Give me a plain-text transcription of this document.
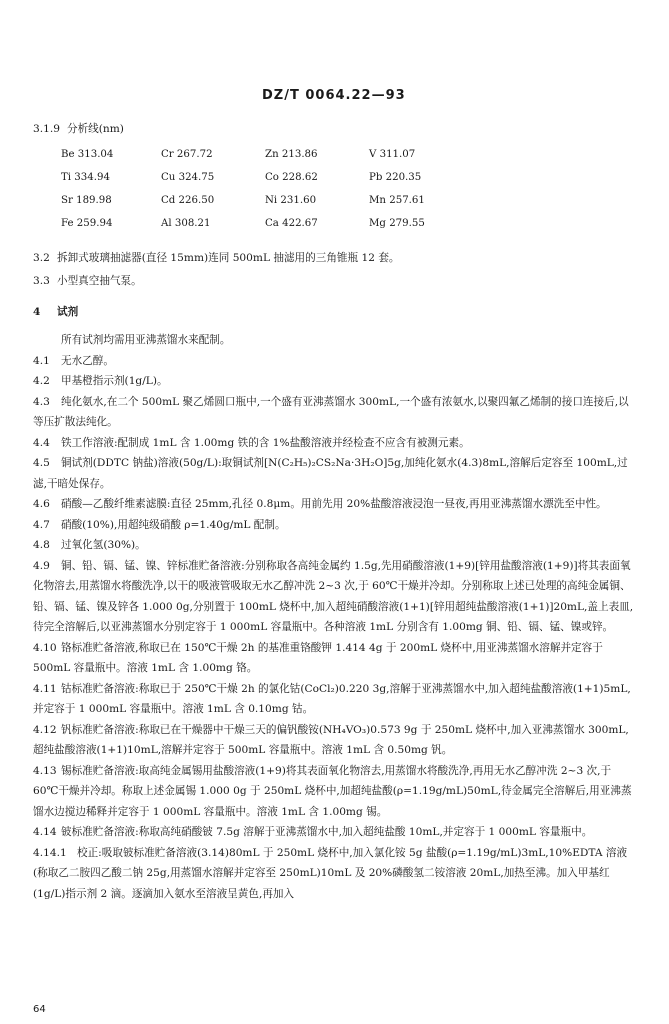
DZ/T 0064.22—93

3.1.9 分析线(nm)

Be 313.04	Cr 267.72	Zn 213.86	V 311.07
Ti 334.94	Cu 324.75	Co 228.62	Pb 220.35
Sr 189.98	Cd 226.50	Ni 231.60	Mn 257.61
Fe 259.94	Al 308.21	Ca 422.67	Mg 279.55

3.2 拆卸式玻璃抽滤器(直径 15mm)连同 500mL 抽滤用的三角锥瓶 12 套。

3.3 小型真空抽气泵。

4 试剂

所有试剂均需用亚沸蒸馏水来配制。

4.1 无水乙醇。

4.2 甲基橙指示剂(1g/L)。

4.3 纯化氨水,在二个 500mL 聚乙烯圆口瓶中,一个盛有亚沸蒸馏水 300mL,一个盛有浓氨水,以聚四氟乙烯制的接口连接后,以等压扩散法纯化。

4.4 铁工作溶液:配制成 1mL 含 1.00mg 铁的含 1%盐酸溶液并经检查不应含有被测元素。

4.5 铜试剂(DDTC 钠盐)溶液(50g/L):取铜试剂[N(C₂H₅)₂CS₂Na·3H₂O]5g,加纯化氨水(4.3)8mL,溶解后定容至 100mL,过滤,干暗处保存。

4.6 硝酸—乙酸纤维素滤膜:直径 25mm,孔径 0.8μm。用前先用 20%盐酸溶液浸泡一昼夜,再用亚沸蒸馏水漂洗至中性。

4.7 硝酸(10%),用超纯级硝酸 ρ=1.40g/mL 配制。

4.8 过氧化氢(30%)。

4.9 铜、铅、镉、锰、镍、锌标准贮备溶液:分别称取各高纯金属约 1.5g,先用硝酸溶液(1+9)[锌用盐酸溶液(1+9)]将其表面氧化物溶去,用蒸馏水将酸洗净,以干的吸液管吸取无水乙醇冲洗 2~3 次,于 60℃干燥并冷却。分别称取上述已处理的高纯金属铜、铅、镉、锰、镍及锌各 1.000 0g,分别置于 100mL 烧杯中,加入超纯硝酸溶液(1+1)[锌用超纯盐酸溶液(1+1)]20mL,盖上表皿,待完全溶解后,以亚沸蒸馏水分别定容于 1 000mL 容量瓶中。各种溶液 1mL 分别含有 1.00mg 铜、铅、镉、锰、镍或锌。

4.10 铬标准贮备溶液,称取已在 150℃干燥 2h 的基准重铬酸钾 1.414 4g 于 200mL 烧杯中,用亚沸蒸馏水溶解并定容于 500mL 容量瓶中。溶液 1mL 含 1.00mg 铬。

4.11 钴标准贮备溶液:称取已于 250℃干燥 2h 的氯化钴(CoCl₂)0.220 3g,溶解于亚沸蒸馏水中,加入超纯盐酸溶液(1+1)5mL,并定容于 1 000mL 容量瓶中。溶液 1mL 含 0.10mg 钴。

4.12 钒标准贮备溶液:称取已在干燥器中干燥三天的偏钒酸铵(NH₄VO₃)0.573 9g 于 250mL 烧杯中,加入亚沸蒸馏水 300mL,超纯盐酸溶液(1+1)10mL,溶解并定容于 500mL 容量瓶中。溶液 1mL 含 0.50mg 钒。

4.13 锡标准贮备溶液:取高纯金属锡用盐酸溶液(1+9)将其表面氧化物溶去,用蒸馏水将酸洗净,再用无水乙醇冲洗 2~3 次,于 60℃干燥并冷却。称取上述金属锡 1.000 0g 于 250mL 烧杯中,加超纯盐酸(ρ=1.19g/mL)50mL,待金属完全溶解后,用亚沸蒸馏水边搅边稀释并定容于 1 000mL 容量瓶中。溶液 1mL 含 1.00mg 锡。

4.14 铍标准贮备溶液:称取高纯硝酸铍 7.5g 溶解于亚沸蒸馏水中,加入超纯盐酸 10mL,并定容于 1 000mL 容量瓶中。

4.14.1 校正:吸取铍标准贮备溶液(3.14)80mL 于 250mL 烧杯中,加入氯化铵 5g 盐酸(ρ=1.19g/mL)3mL,10%EDTA 溶液(称取乙二胺四乙酸二钠 25g,用蒸馏水溶解并定容至 250mL)10mL 及 20%磷酸氢二铵溶液 20mL,加热至沸。加入甲基红(1g/L)指示剂 2 滴。逐滴加入氨水至溶液呈黄色,再加入

64
